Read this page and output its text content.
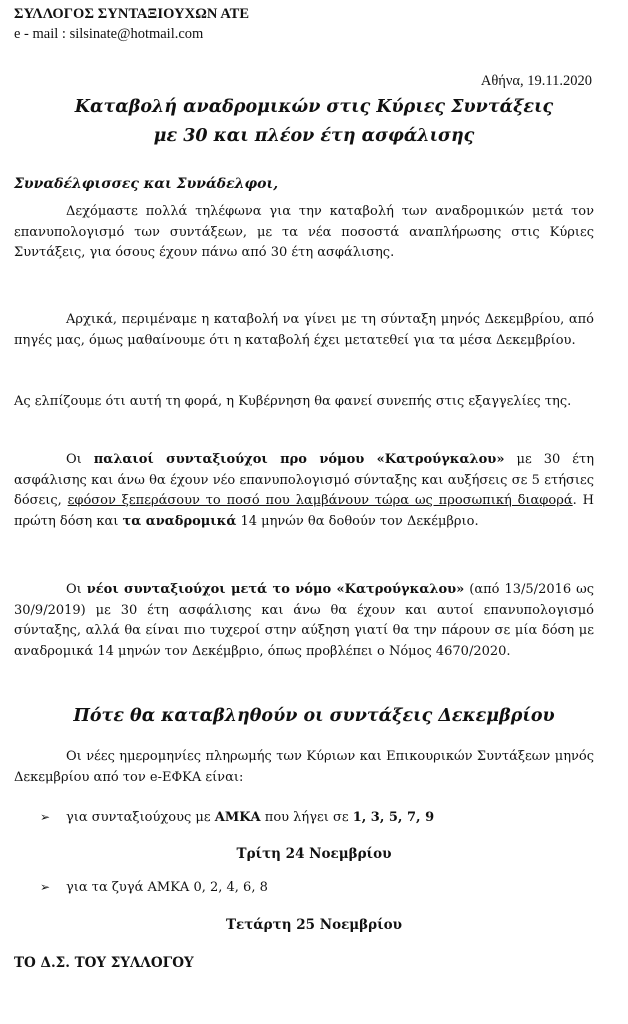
ΣΥΛΛΟΓΟΣ ΣΥΝΤΑΞΙΟΥΧΩΝ ΑΤΕ
e - mail : silsinate@hotmail.com
Αθήνα, 19.11.2020
Καταβολή αναδρομικών στις Κύριες Συντάξεις
με 30 και πλέον έτη ασφάλισης
Συναδέλφισσες και Συνάδελφοι,
Δεχόμαστε πολλά τηλέφωνα για την καταβολή των αναδρομικών μετά τον επανυπολογισμό των συντάξεων, με τα νέα ποσοστά αναπλήρωσης στις Κύριες Συντάξεις, για όσους έχουν πάνω από 30 έτη ασφάλισης.
Αρχικά, περιμέναμε η καταβολή να γίνει με τη σύνταξη μηνός Δεκεμβρίου, από πηγές μας, όμως μαθαίνουμε ότι η καταβολή έχει μετατεθεί για τα μέσα Δεκεμβρίου.
Ας ελπίζουμε ότι αυτή τη φορά, η Κυβέρνηση θα φανεί συνεπής στις εξαγγελίες της.
Οι παλαιοί συνταξιούχοι προ νόμου «Κατρούγκαλου» με 30 έτη ασφάλισης και άνω θα έχουν νέο επανυπολογισμό σύνταξης και αυξήσεις σε 5 ετήσιες δόσεις, εφόσον ξεπεράσουν το ποσό που λαμβάνουν τώρα ως προσωπική διαφορά. Η πρώτη δόση και τα αναδρομικά 14 μηνών θα δοθούν τον Δεκέμβριο.
Οι νέοι συνταξιούχοι μετά το νόμο «Κατρούγκαλου» (από 13/5/2016 ως 30/9/2019) με 30 έτη ασφάλισης και άνω θα έχουν και αυτοί επανυπολογισμό σύνταξης, αλλά θα είναι πιο τυχεροί στην αύξηση γιατί θα την πάρουν σε μία δόση με αναδρομικά 14 μηνών τον Δεκέμβριο, όπως προβλέπει ο Νόμος 4670/2020.
Πότε θα καταβληθούν οι συντάξεις Δεκεμβρίου
Οι νέες ημερομηνίες πληρωμής των Κύριων και Επικουρικών Συντάξεων μηνός Δεκεμβρίου από τον e-ΕΦΚΑ είναι:
➢ για συνταξιούχους με ΑΜΚΑ που λήγει σε 1, 3, 5, 7, 9
Τρίτη 24 Νοεμβρίου
➢ για τα ζυγά ΑΜΚΑ 0, 2, 4, 6, 8
Τετάρτη 25 Νοεμβρίου
ΤΟ Δ.Σ. ΤΟΥ ΣΥΛΛΟΓΟΥ
